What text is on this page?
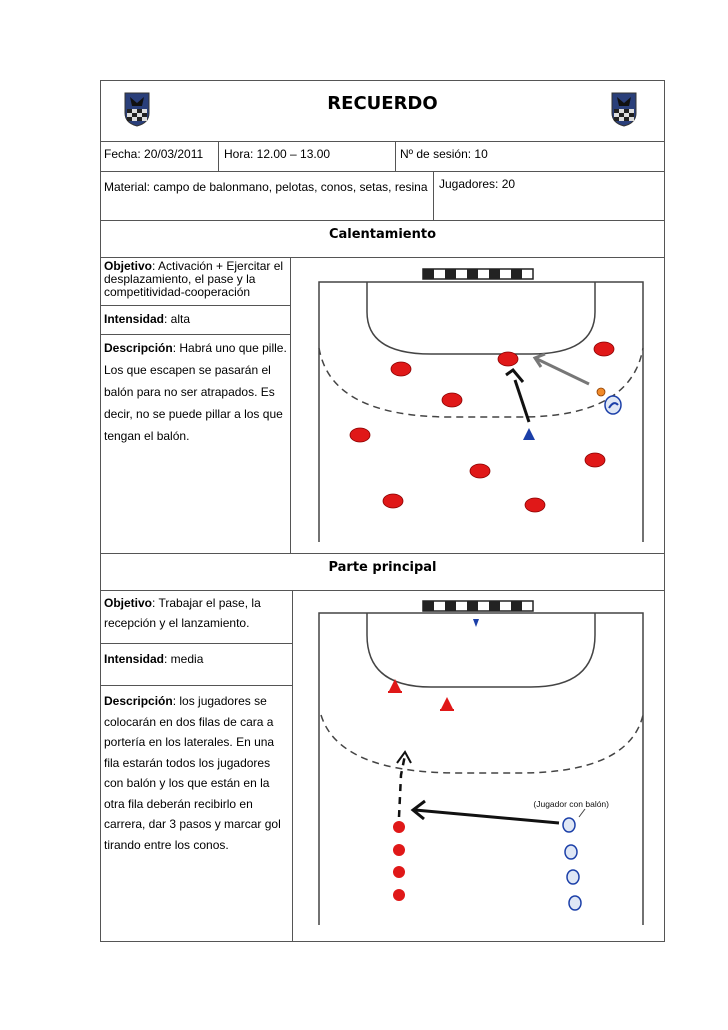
RECUERDO
Fecha: 20/03/2011 Hora: 12.00 – 13.00	Nº de sesión: 10
Material: campo de balonmano, pelotas, conos, setas, resina Jugadores: 20
Calentamiento

Objetivo: Activación + Ejercitar el desplazamiento, el pase y la competitividad-cooperación

Intensidad: alta

Descripción: Habrá uno que pille. Los que escapen se pasarán el balón para no ser atrapados. Es decir, no se puede pillar a los que tengan el balón.

Parte principal

Objetivo: Trabajar el pase, la recepción y el lanzamiento.

Intensidad: media

Descripción: los jugadores se colocarán en dos filas de cara a portería en los laterales. En una fila estarán todos los jugadores con balón y los que están en la otra fila deberán recibirlo en carrera, dar 3 pasos y marcar gol tirando entre los conos.

(Jugador con balón)
